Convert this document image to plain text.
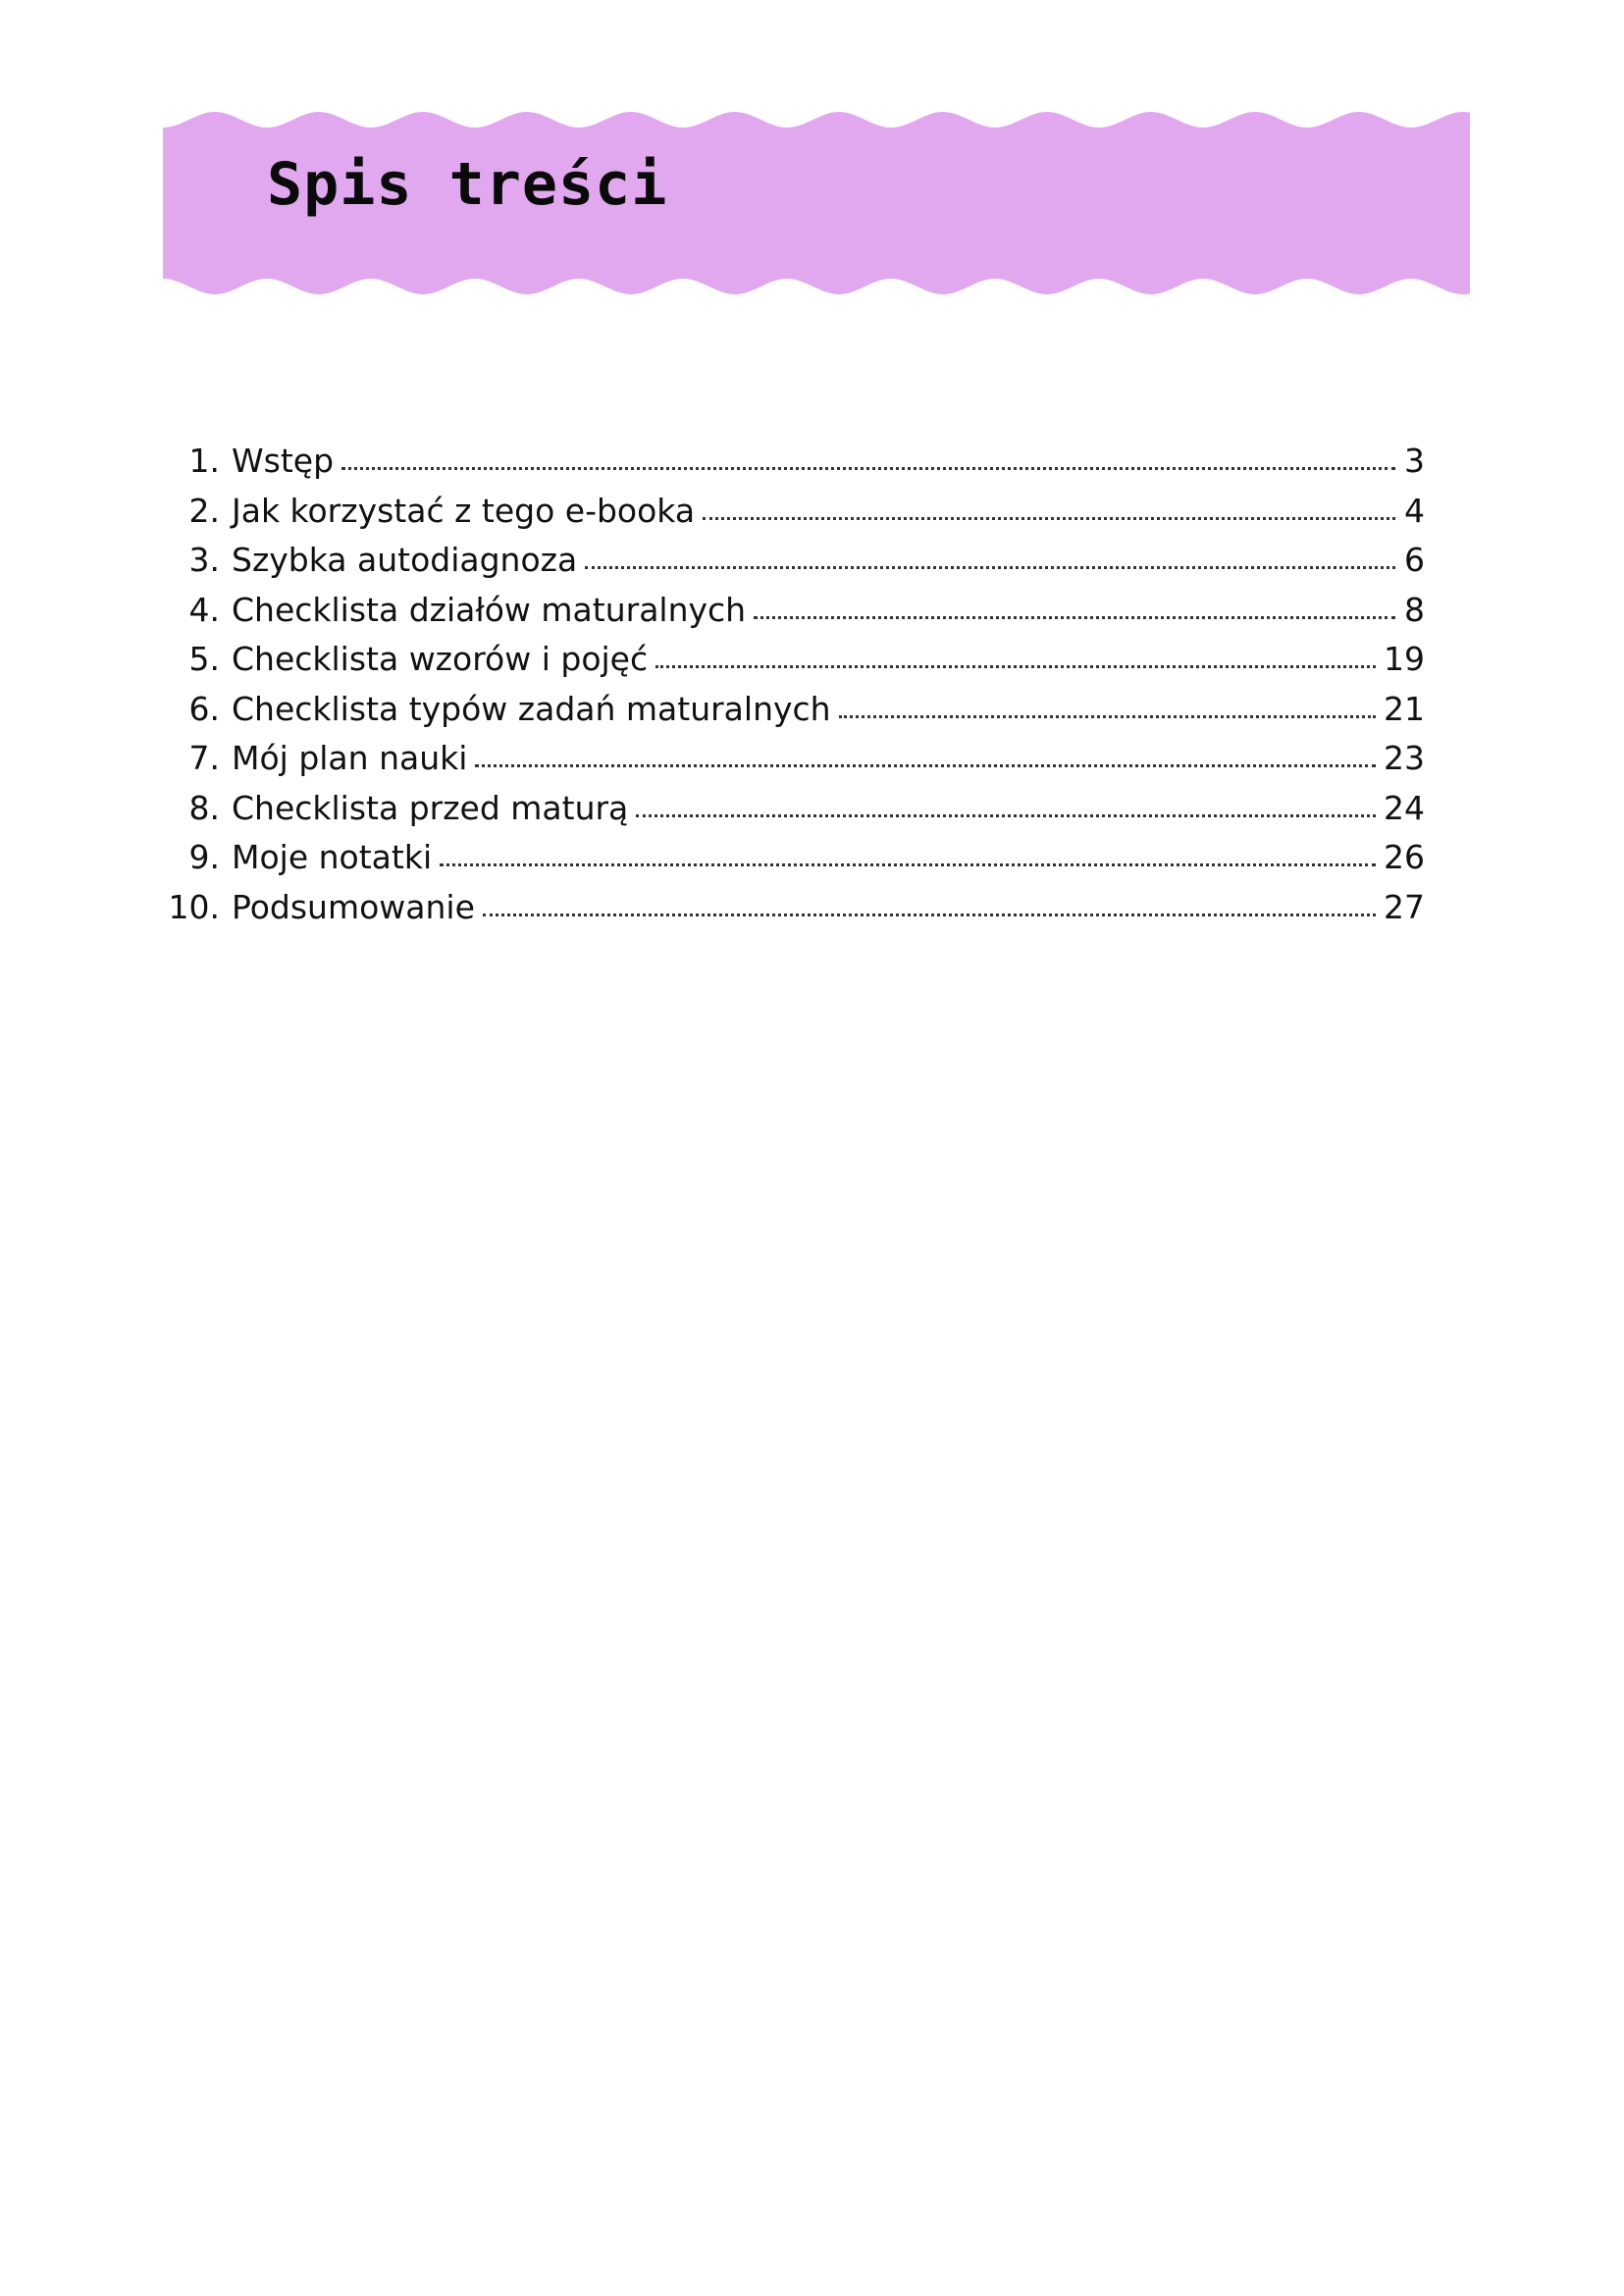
Spis treści
1. Wstęp	3
2. Jak korzystać z tego e-booka	4
3. Szybka autodiagnoza	6
4. Checklista działów maturalnych	8
5. Checklista wzorów i pojęć	19
6. Checklista typów zadań maturalnych	21
7. Mój plan nauki	23
8. Checklista przed maturą	24
9. Moje notatki	26
10. Podsumowanie	27
